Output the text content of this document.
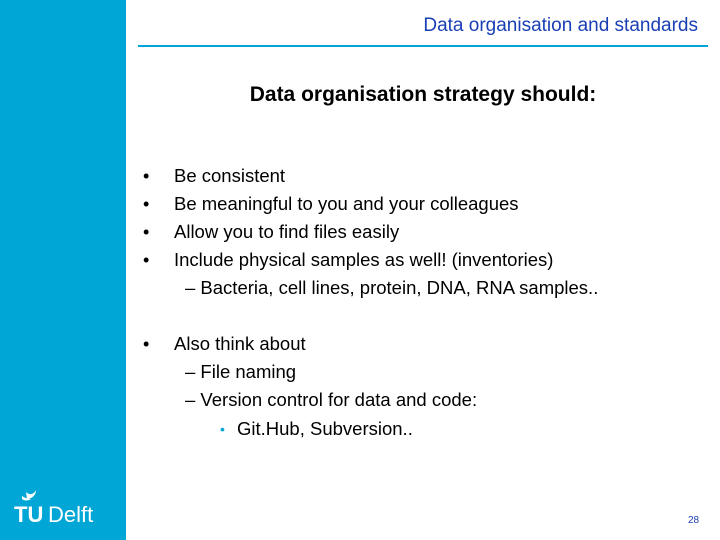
TU Delft
Data organisation and standards
Data organisation strategy should:
• Be consistent
• Be meaningful to you and your colleagues
• Allow you to find files easily
• Include physical samples as well! (inventories)
– Bacteria, cell lines, protein, DNA, RNA samples..
• Also think about
– File naming
– Version control for data and code:
• Git.Hub, Subversion..
28
